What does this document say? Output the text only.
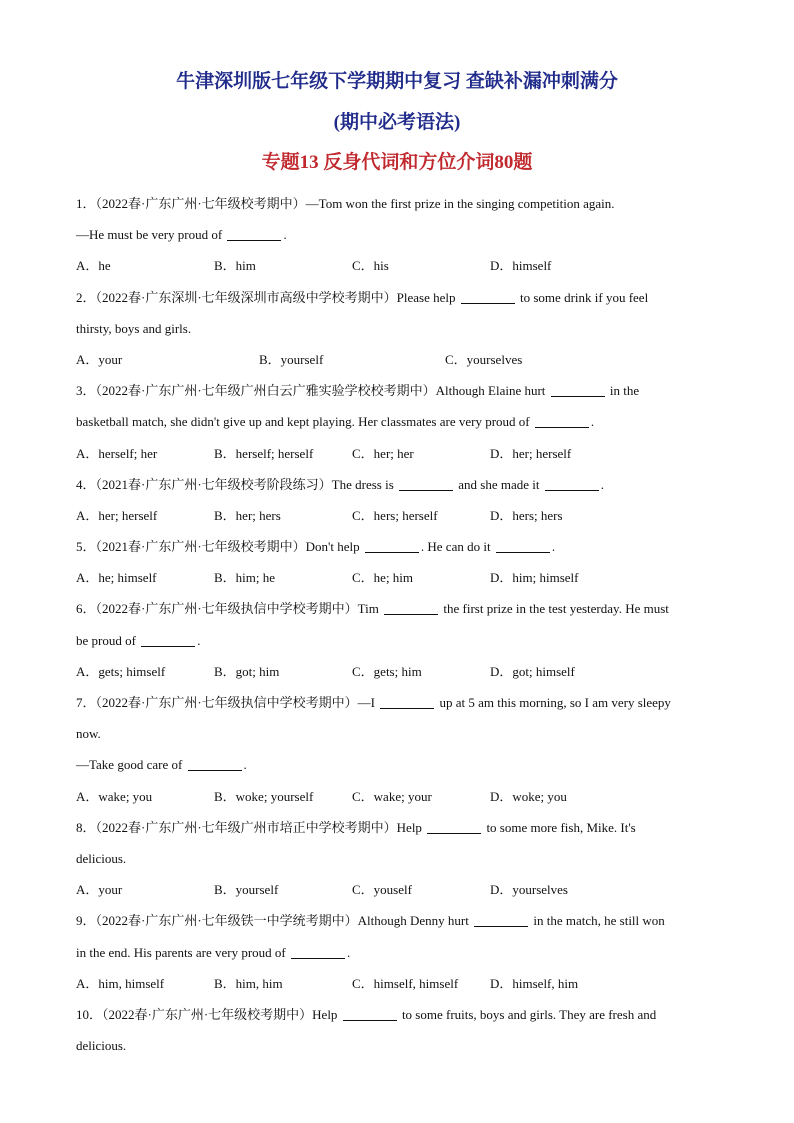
牛津深圳版七年级下学期期中复习 查缺补漏冲刺满分
(期中必考语法)
专题13 反身代词和方位介词80题
1．（2022春·广东广州·七年级校考期中）—Tom won the first prize in the singing competition again.
—He must be very proud of	.
A．he	B．him	C．his	D．himself
2．（2022春·广东深圳·七年级深圳市高级中学校考期中）Please help	to some drink if you feel
thirsty, boys and girls.
A．your	B．yourself	C．yourselves
3．（2022春·广东广州·七年级广州白云广雅实验学校校考期中）Although Elaine hurt	in the
basketball match, she didn't give up and kept playing. Her classmates are very proud of	.
A．herself; her	B．herself; herself	C．her; her	D．her; herself
4．（2021春·广东广州·七年级校考阶段练习）The dress is	and she made it	.
A．her; herself	B．her; hers	C．hers; herself	D．hers; hers
5．（2021春·广东广州·七年级校考期中）Don't help	. He can do it	.
A．he; himself	B．him; he	C．he; him	D．him; himself
6．（2022春·广东广州·七年级执信中学校考期中）Tim	the first prize in the test yesterday. He must
be proud of	.
A．gets; himself	B．got; him	C．gets; him	D．got; himself
7．（2022春·广东广州·七年级执信中学校考期中）—I	up at 5 am this morning, so I am very sleepy
now.
—Take good care of	.
A．wake; you	B．woke; yourself	C．wake; your	D．woke; you
8．（2022春·广东广州·七年级广州市培正中学校考期中）Help	to some more fish, Mike. It's
delicious.
A．your	B．yourself	C．youself	D．yourselves
9．（2022春·广东广州·七年级铁一中学统考期中）Although Denny hurt	in the match, he still won
in the end. His parents are very proud of	.
A．him, himself	B．him, him	C．himself, himself	D．himself, him
10．（2022春·广东广州·七年级校考期中）Help	to some fruits, boys and girls. They are fresh and
delicious.
